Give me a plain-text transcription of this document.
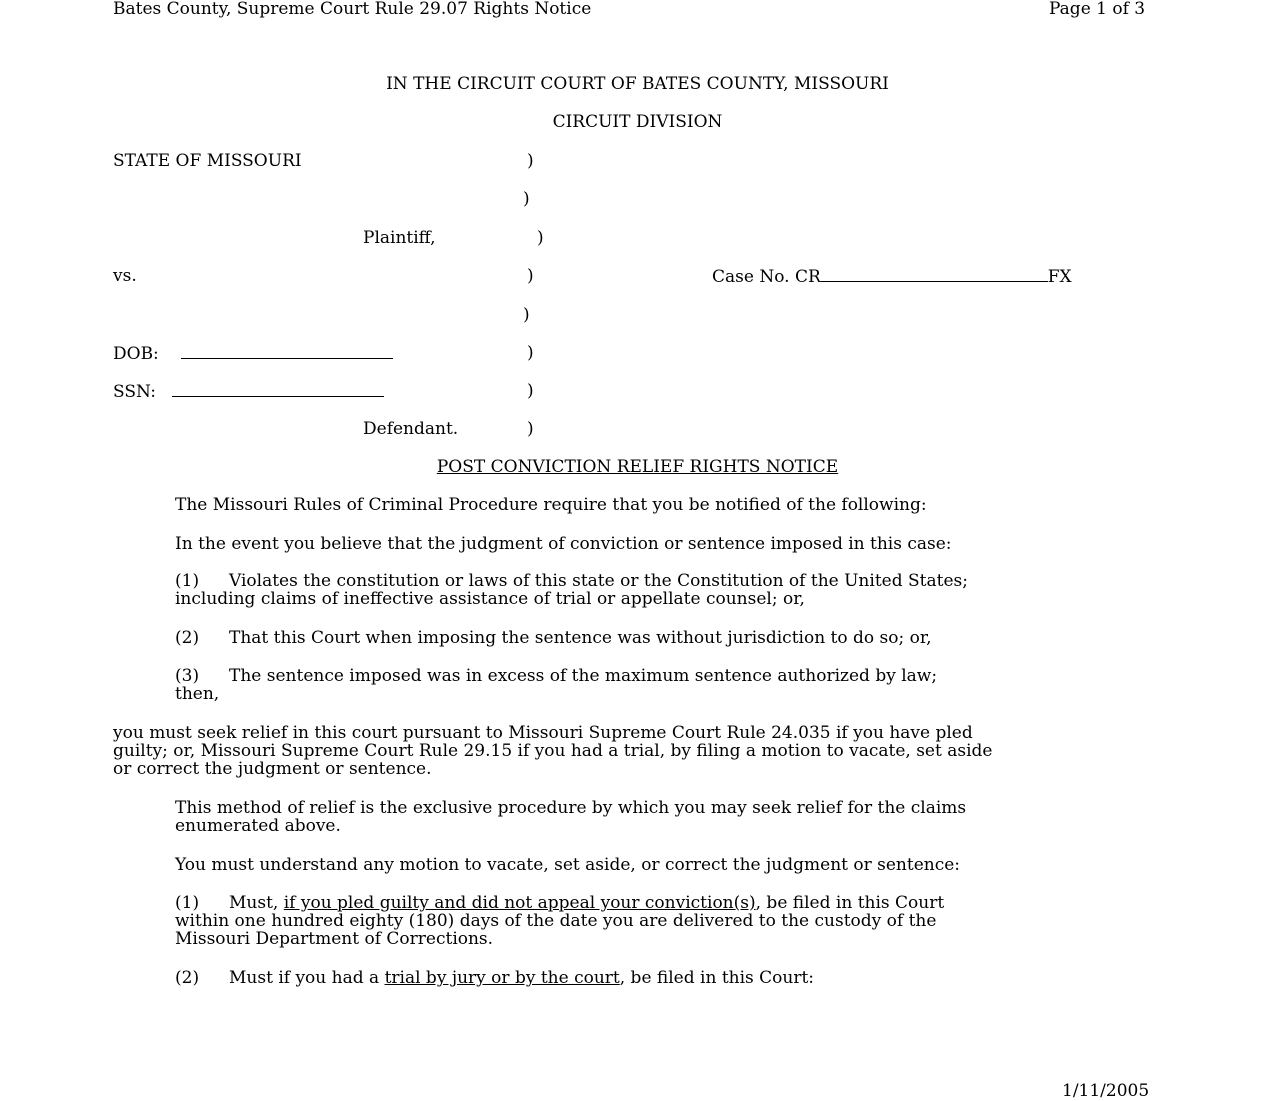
Bates County, Supreme Court Rule 29.07 Rights Notice	Page 1 of 3
IN THE CIRCUIT COURT OF BATES COUNTY, MISSOURI
CIRCUIT DIVISION
STATE OF MISSOURI	)
)
Plaintiff,	)
vs.	)	Case No. CR	FX
)
DOB:	)
SSN:	)
Defendant.	)
POST CONVICTION RELIEF RIGHTS NOTICE
The Missouri Rules of Criminal Procedure require that you be notified of the following:
In the event you believe that the judgment of conviction or sentence imposed in this case:
(1) Violates the constitution or laws of this state or the Constitution of the United States;
including claims of ineffective assistance of trial or appellate counsel; or,
(2) That this Court when imposing the sentence was without jurisdiction to do so; or,
(3) The sentence imposed was in excess of the maximum sentence authorized by law;
then,
you must seek relief in this court pursuant to Missouri Supreme Court Rule 24.035 if you have pled
guilty; or, Missouri Supreme Court Rule 29.15 if you had a trial, by filing a motion to vacate, set aside
or correct the judgment or sentence.
This method of relief is the exclusive procedure by which you may seek relief for the claims
enumerated above.
You must understand any motion to vacate, set aside, or correct the judgment or sentence:
(1) Must, if you pled guilty and did not appeal your conviction(s), be filed in this Court
within one hundred eighty (180) days of the date you are delivered to the custody of the
Missouri Department of Corrections.
(2) Must if you had a trial by jury or by the court, be filed in this Court:
1/11/2005
